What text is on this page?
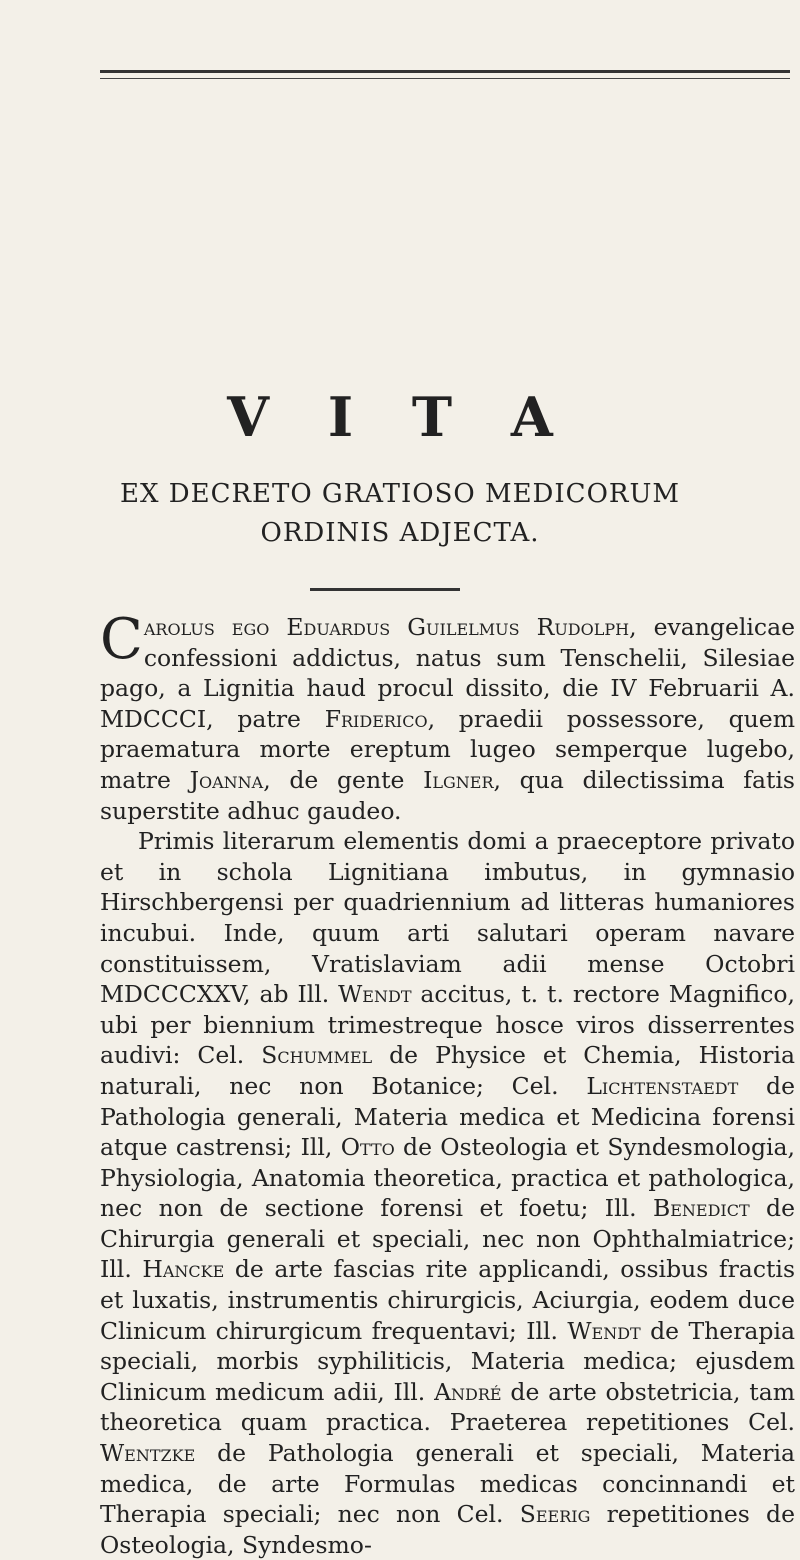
V I T A
EX DECRETO GRATIOSO MEDICORUM
ORDINIS ADJECTA.

Carolus ego Eduardus Guilelmus Rudolph, evangelicae confessioni addictus, natus sum Tenschelii, Silesiae pago, a Lignitia haud procul dissito, die IV Februarii A. MDCCCI, patre Friderico, praedii possessore, quem praematura morte ereptum lugeo semperque lugebo, matre Joanna, de gente Ilgner, qua dilectissima fatis superstite adhuc gaudeo.

Primis literarum elementis domi a praeceptore privato et in schola Lignitiana imbutus, in gymnasio Hirschbergensi per quadriennium ad litteras humaniores incubui. Inde, quum arti salutari operam navare constituissem, Vratislaviam adii mense Octobri MDCCCXXV, ab Ill. Wendt accitus, t. t. rectore Magnifico, ubi per biennium trimestreque hosce viros disserrentes audivi: Cel. Schummel de Physice et Chemia, Historia naturali, nec non Botanice; Cel. Lichtenstaedt de Pathologia generali, Materia medica et Medicina forensi atque castrensi; Ill, Otto de Osteologia et Syndesmologia, Physiologia, Anatomia theoretica, practica et pathologica, nec non de sectione forensi et foetu; Ill. Benedict de Chirurgia generali et speciali, nec non Ophthalmiatrice; Ill. Hancke de arte fascias rite applicandi, ossibus fractis et luxatis, instrumentis chirurgicis, Aciurgia, eodem duce Clinicum chirurgicum frequentavi; Ill. Wendt de Therapia speciali, morbis syphiliticis, Materia medica; ejusdem Clinicum medicum adii, Ill. André de arte obstetricia, tam theoretica quam practica. Praeterea repetitiones Cel. Wentzke de Pathologia generali et speciali, Materia medica, de arte Formulas medicas concinnandi et Therapia speciali; nec non Cel. Seerig repetitiones de Osteologia, Syndesmo-
